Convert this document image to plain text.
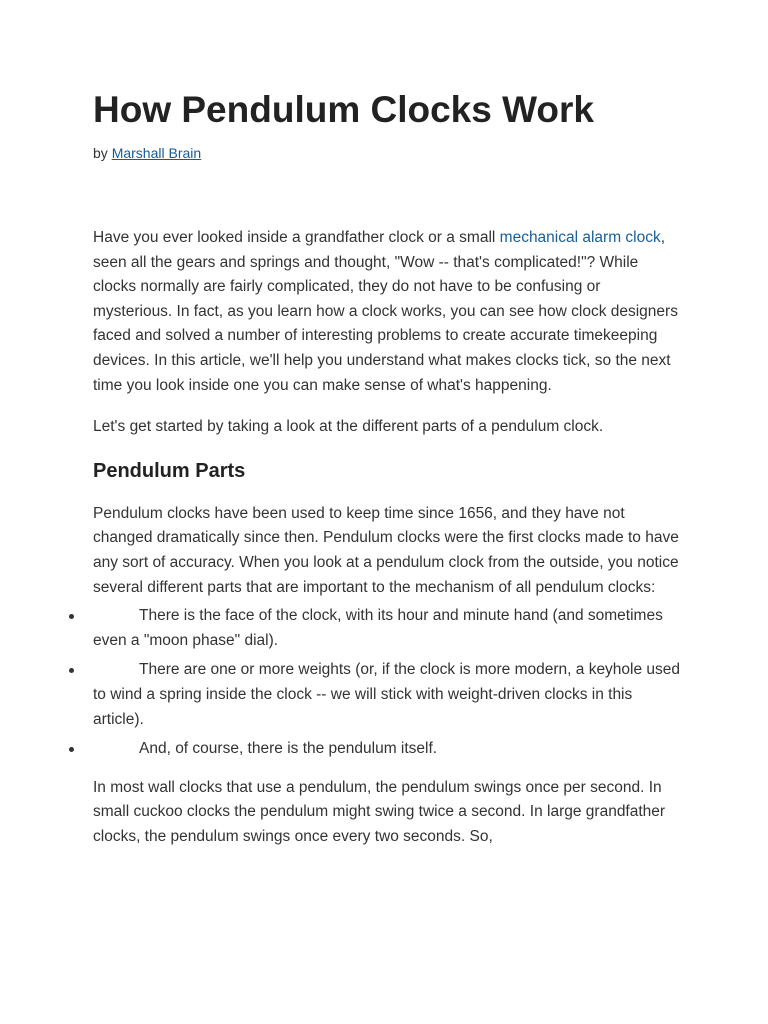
How Pendulum Clocks Work
by Marshall Brain

Have you ever looked inside a grandfather clock or a small mechanical alarm clock, seen all the gears and springs and thought, "Wow -- that's complicated!"? While clocks normally are fairly complicated, they do not have to be confusing or mysterious. In fact, as you learn how a clock works, you can see how clock designers faced and solved a number of interesting problems to create accurate timekeeping devices. In this article, we'll help you understand what makes clocks tick, so the next time you look inside one you can make sense of what's happening.

Let's get started by taking a look at the different parts of a pendulum clock.

Pendulum Parts

Pendulum clocks have been used to keep time since 1656, and they have not changed dramatically since then. Pendulum clocks were the first clocks made to have any sort of accuracy. When you look at a pendulum clock from the outside, you notice several different parts that are important to the mechanism of all pendulum clocks:

There is the face of the clock, with its hour and minute hand (and sometimes even a "moon phase" dial).
There are one or more weights (or, if the clock is more modern, a keyhole used to wind a spring inside the clock -- we will stick with weight-driven clocks in this article).
And, of course, there is the pendulum itself.

In most wall clocks that use a pendulum, the pendulum swings once per second. In small cuckoo clocks the pendulum might swing twice a second. In large grandfather clocks, the pendulum swings once every two seconds. So,
